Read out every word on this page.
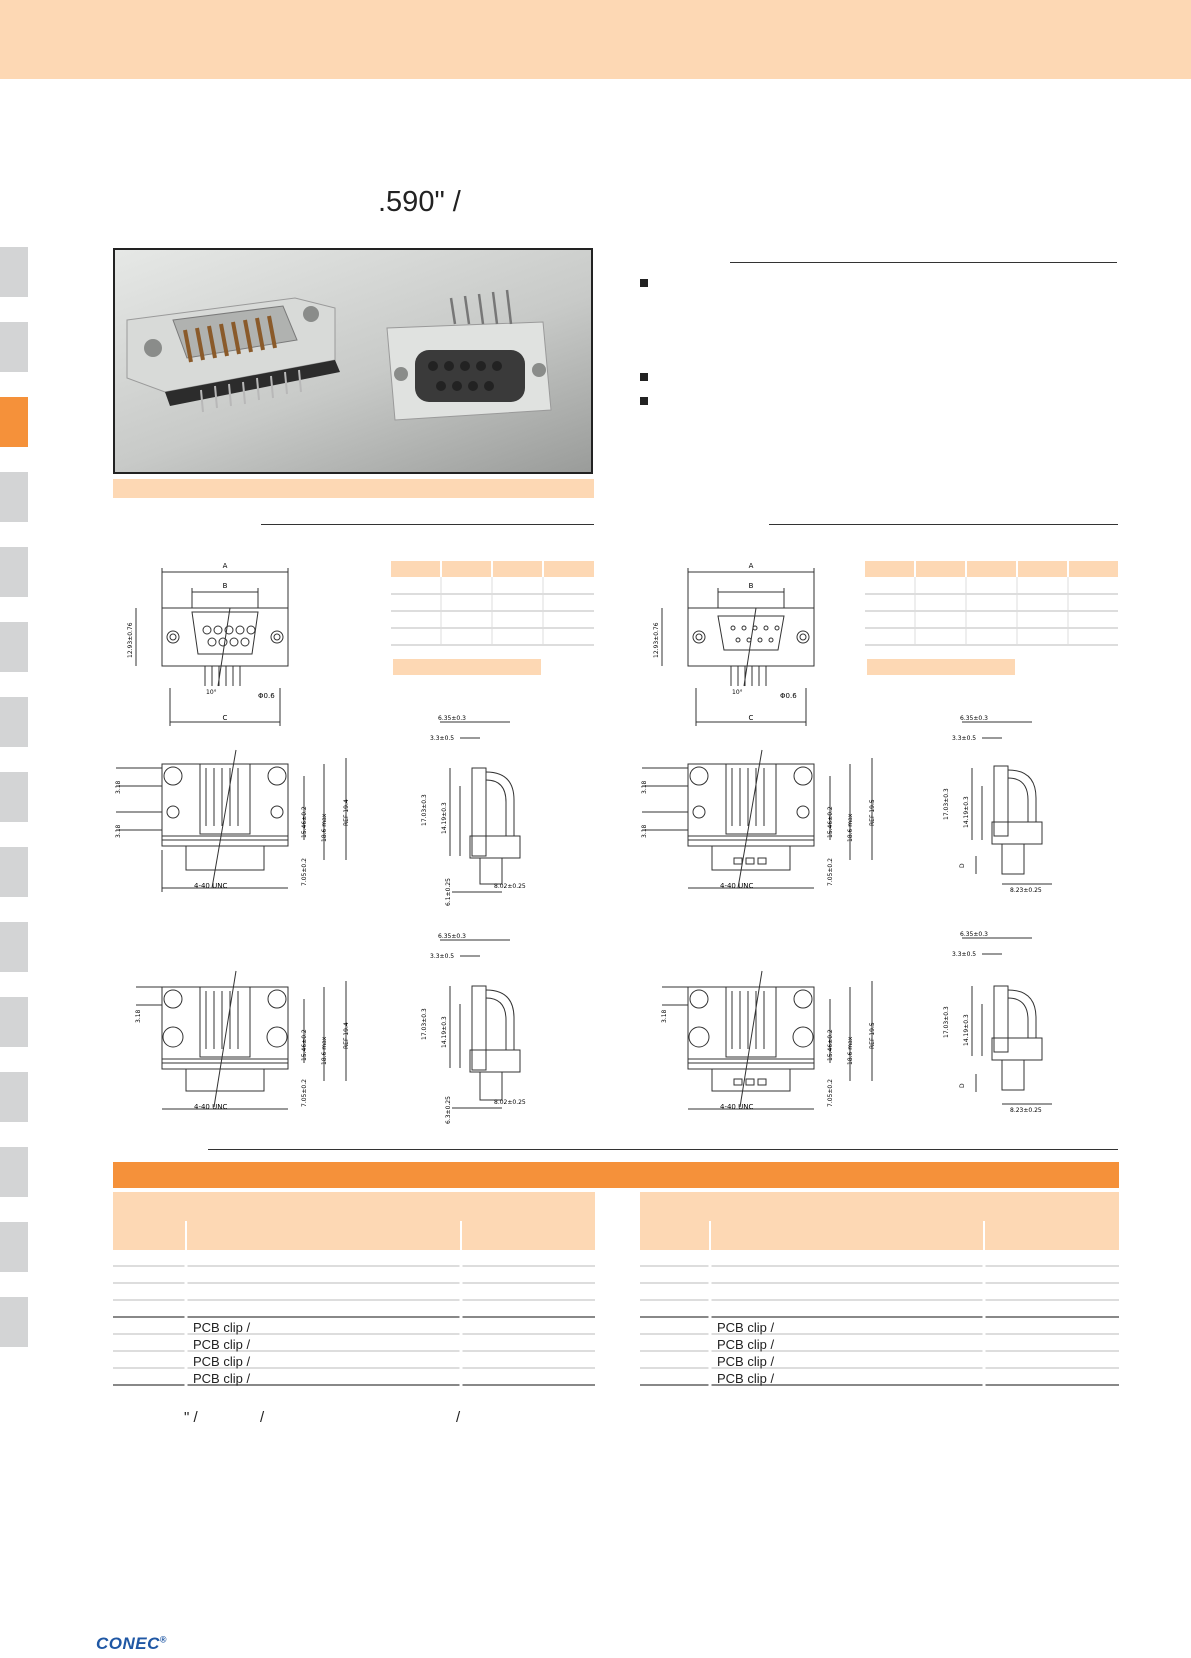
.590" /
A
B
C
Φ0.6
10°
12.93±0.76
3.18
3.18
4-40 UNC
15.46±0.2 18.6 max
REF 19.4
7.05±0.2
6.35±0.3
3.3±0.5
17.03±0.3 14.19±0.3
8.02±0.25
6.1±0.25
3.18
4-40 UNC
15.46±0.2 18.6 max
REF 19.4
7.05±0.2
6.35±0.3
3.3±0.5
17.03±0.3 14.19±0.3
8.02±0.25
6.3±0.25
A
B
C
Φ0.6
10°
12.93±0.76
3.18
3.18
4-40 UNC
15.46±0.2 18.6 max
REF 19.5
7.05±0.2
6.35±0.3
3.3±0.5
17.03±0.3 14.19±0.3
8.23±0.25
D
3.18
4-40 UNC
15.46±0.2 18.6 max
REF 19.5
7.05±0.2
6.35±0.3
3.3±0.5
17.03±0.3 14.19±0.3
8.23±0.25
D
PCB clip /
PCB clip /
PCB clip /
PCB clip /
PCB clip /
PCB clip /
PCB clip /
PCB clip /
" /	/	/
CONEC®
